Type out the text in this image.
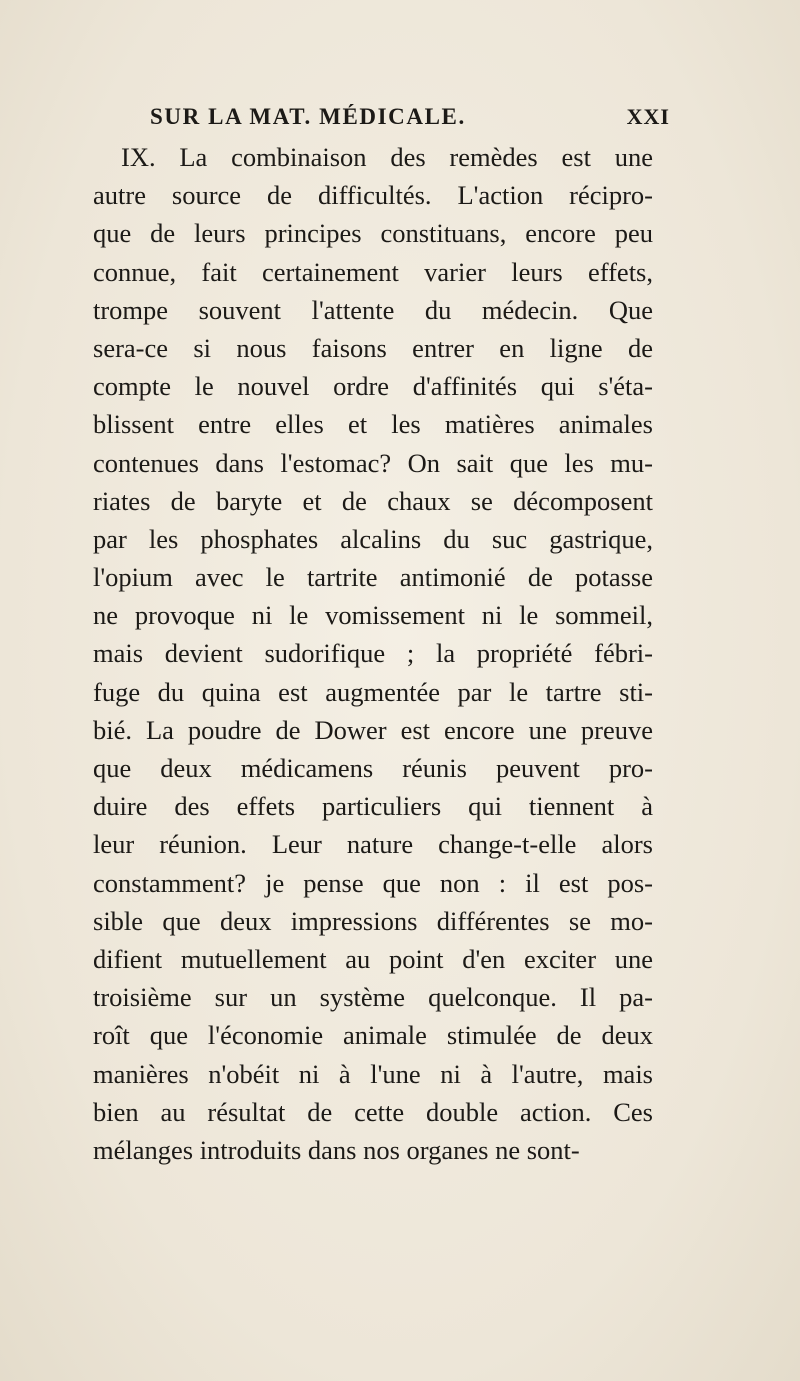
SUR LA MAT. MÉDICALE.	XXI
IX. La combinaison des remèdes est une
autre source de difficultés. L'action récipro-
que de leurs principes constituans, encore peu
connue, fait certainement varier leurs effets,
trompe souvent l'attente du médecin. Que
sera-ce si nous faisons entrer en ligne de
compte le nouvel ordre d'affinités qui s'éta-
blissent entre elles et les matières animales
contenues dans l'estomac? On sait que les mu-
riates de baryte et de chaux se décomposent
par les phosphates alcalins du suc gastrique,
l'opium avec le tartrite antimonié de potasse
ne provoque ni le vomissement ni le sommeil,
mais devient sudorifique ; la propriété fébri-
fuge du quina est augmentée par le tartre sti-
bié. La poudre de Dower est encore une preuve
que deux médicamens réunis peuvent pro-
duire des effets particuliers qui tiennent à
leur réunion. Leur nature change-t-elle alors
constamment? je pense que non : il est pos-
sible que deux impressions différentes se mo-
difient mutuellement au point d'en exciter une
troisième sur un système quelconque. Il pa-
roît que l'économie animale stimulée de deux
manières n'obéit ni à l'une ni à l'autre, mais
bien au résultat de cette double action. Ces
mélanges introduits dans nos organes ne sont-
